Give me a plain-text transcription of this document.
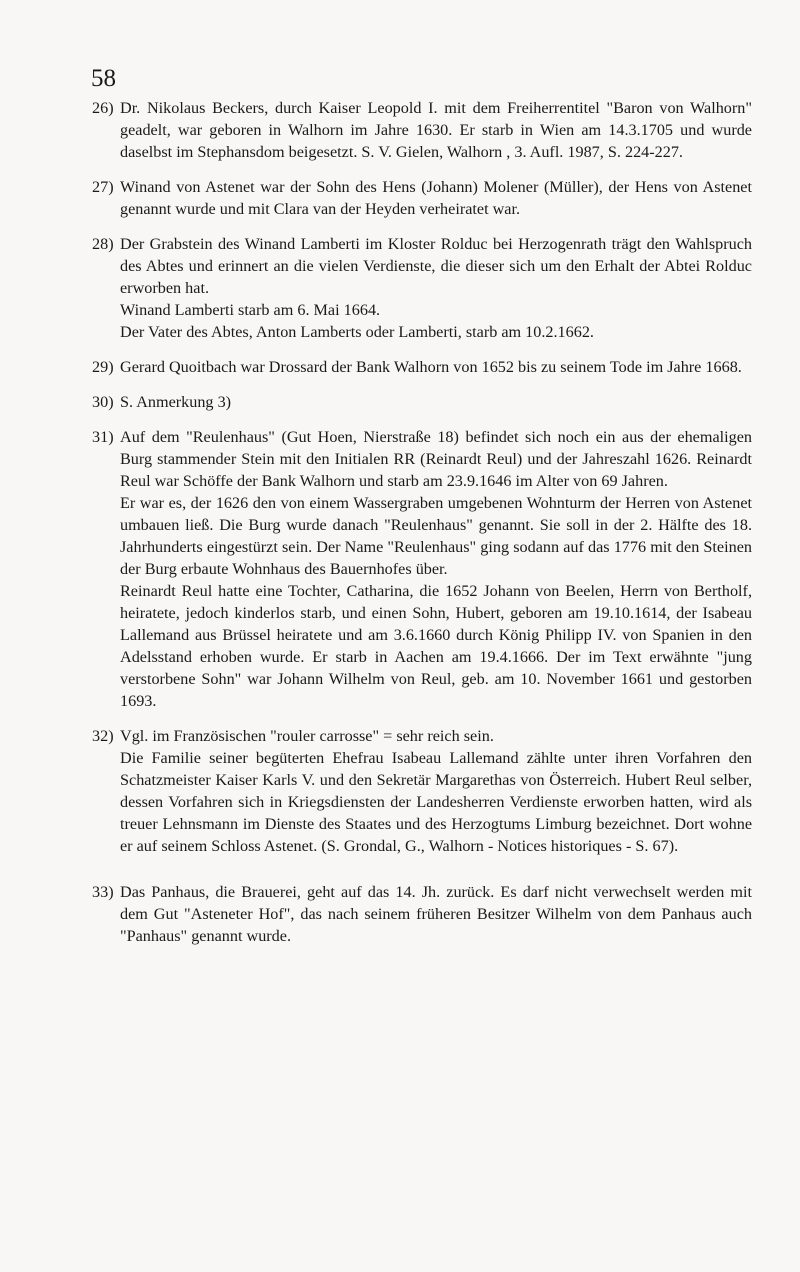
58
26) Dr. Nikolaus Beckers, durch Kaiser Leopold I. mit dem Freiherrentitel "Baron von Walhorn" geadelt, war geboren in Walhorn im Jahre 1630. Er starb in Wien am 14.3.1705 und wurde daselbst im Stephansdom beigesetzt. S. V. Gielen, Walhorn , 3. Aufl. 1987, S. 224-227.

27) Winand von Astenet war der Sohn des Hens (Johann) Molener (Müller), der Hens von Astenet genannt wurde und mit Clara van der Heyden verheiratet war.

28) Der Grabstein des Winand Lamberti im Kloster Rolduc bei Herzogenrath trägt den Wahlspruch des Abtes und erinnert an die vielen Verdienste, die dieser sich um den Erhalt der Abtei Rolduc erworben hat.

Winand Lamberti starb am 6. Mai 1664.

Der Vater des Abtes, Anton Lamberts oder Lamberti, starb am 10.2.1662.

29) Gerard Quoitbach war Drossard der Bank Walhorn von 1652 bis zu seinem Tode im Jahre 1668.

30) S. Anmerkung 3)

31) Auf dem "Reulenhaus" (Gut Hoen, Nierstraße 18) befindet sich noch ein aus der ehemaligen Burg stammender Stein mit den Initialen RR (Reinardt Reul) und der Jahreszahl 1626. Reinardt Reul war Schöffe der Bank Walhorn und starb am 23.9.1646 im Alter von 69 Jahren.

Er war es, der 1626 den von einem Wassergraben umgebenen Wohnturm der Herren von Astenet umbauen ließ. Die Burg wurde danach "Reulenhaus" genannt. Sie soll in der 2. Hälfte des 18. Jahrhunderts eingestürzt sein. Der Name "Reulenhaus" ging sodann auf das 1776 mit den Steinen der Burg erbaute Wohnhaus des Bauernhofes über.

Reinardt Reul hatte eine Tochter, Catharina, die 1652 Johann von Beelen, Herrn von Bertholf, heiratete, jedoch kinderlos starb, und einen Sohn, Hubert, geboren am 19.10.1614, der Isabeau Lallemand aus Brüssel heiratete und am 3.6.1660 durch König Philipp IV. von Spanien in den Adelsstand erhoben wurde. Er starb in Aachen am 19.4.1666. Der im Text erwähnte "jung verstorbene Sohn" war Johann Wilhelm von Reul, geb. am 10. November 1661 und gestorben 1693.

32) Vgl. im Französischen "rouler carrosse" = sehr reich sein.

Die Familie seiner begüterten Ehefrau Isabeau Lallemand zählte unter ihren Vorfahren den Schatzmeister Kaiser Karls V. und den Sekretär Margarethas von Österreich. Hubert Reul selber, dessen Vorfahren sich in Kriegsdiensten der Landesherren Verdienste erworben hatten, wird als treuer Lehnsmann im Dienste des Staates und des Herzogtums Limburg bezeichnet. Dort wohne er auf seinem Schloss Astenet. (S. Grondal, G., Walhorn - Notices historiques - S. 67).

33) Das Panhaus, die Brauerei, geht auf das 14. Jh. zurück. Es darf nicht verwechselt werden mit dem Gut "Asteneter Hof", das nach seinem früheren Besitzer Wilhelm von dem Panhaus auch "Panhaus" genannt wurde.
